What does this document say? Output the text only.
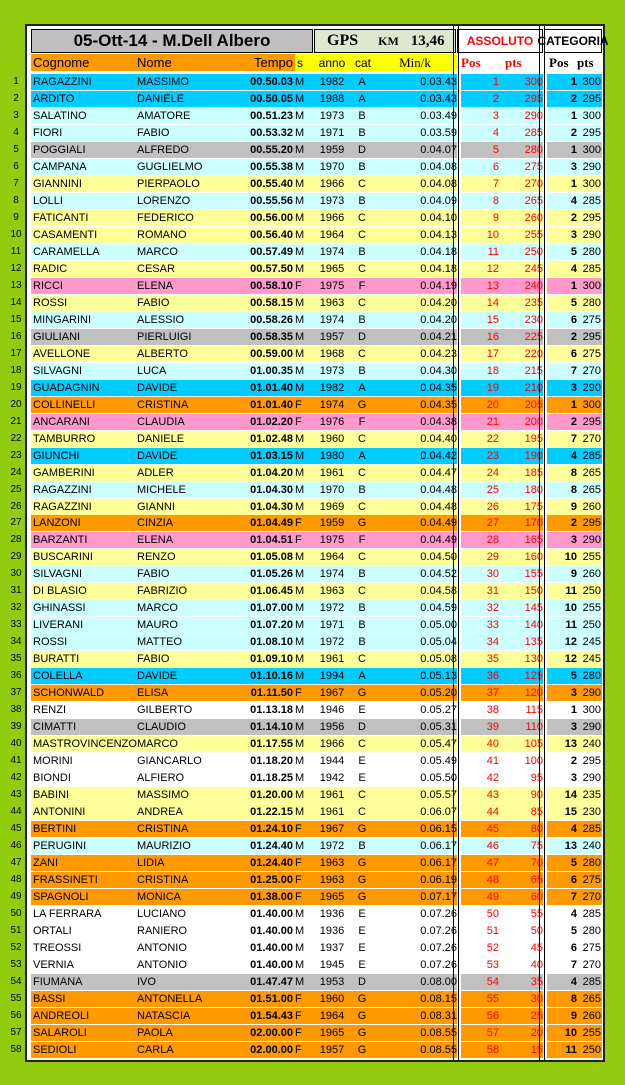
05-Ott-14 - M.Dell Albero	GPS KM 13,46	ASSOLUTO CATEGORIA
Cognome	Nome	Tempo s	anno cat	Min/k	Pos	pts	Pos pts
1	RAGAZZINI	MASSIMO	00.50.03 M	1982	A	0.03.43	1	300	1 300
2	ARDITO	DANIELE	00.50.05 M	1988	A	0.03.43	2	295	2 295
3	SALATINO	AMATORE	00.51.23 M	1973	B	0.03.49	3	290	1 300
4	FIORI	FABIO	00.53.32 M	1971	B	0.03.59	4	285	2 295
5	POGGIALI	ALFREDO	00.55.20 M	1959	D	0.04.07	5	280	1 300
6	CAMPANA	GUGLIELMO	00.55.38 M	1970	B	0.04.08	6	275	3 290
7	GIANNINI	PIERPAOLO	00.55.40 M	1966	C	0.04.08	7	270	1 300
8	LOLLI	LORENZO	00.55.56 M	1973	B	0.04.09	8	265	4 285
9	FATICANTI	FEDERICO	00.56.00 M	1966	C	0.04.10	9	260	2 295
10	CASAMENTI	ROMANO	00.56.40 M	1964	C	0.04.13	10	255	3 290
11	CARAMELLA	MARCO	00.57.49 M	1974	B	0.04.18	11	250	5 280
12	RADIC	CESAR	00.57.50 M	1965	C	0.04.18	12	245	4 285
13	RICCI	ELENA	00.58.10 F	1975	F	0.04.19	13	240	1 300
14	ROSSI	FABIO	00.58.15 M	1963	C	0.04.20	14	235	5 280
15	MINGARINI	ALESSIO	00.58.26 M	1974	B	0.04.20	15	230	6 275
16	GIULIANI	PIERLUIGI	00.58.35 M	1957	D	0.04.21	16	225	2 295
17	AVELLONE	ALBERTO	00.59.00 M	1968	C	0.04.23	17	220	6 275
18	SILVAGNI	LUCA	01.00.35 M	1973	B	0.04.30	18	215	7 270
19	GUADAGNIN	DAVIDE	01.01.40 M	1982	A	0.04.35	19	210	3 290
20	COLLINELLI	CRISTINA	01.01.40 F	1974	G	0.04.35	20	205	1 300
21	ANCARANI	CLAUDIA	01.02.20 F	1976	F	0.04.38	21	200	2 295
22	TAMBURRO	DANIELE	01.02.48 M	1960	C	0.04.40	22	195	7 270
23	GIUNCHI	DAVIDE	01.03.15 M	1980	A	0.04.42	23	190	4 285
24	GAMBERINI	ADLER	01.04.20 M	1961	C	0.04.47	24	185	8 265
25	RAGAZZINI	MICHELE	01.04.30 M	1970	B	0.04.48	25	180	8 265
26	RAGAZZINI	GIANNI	01.04.30 M	1969	C	0.04.48	26	175	9 260
27	LANZONI	CINZIA	01.04.49 F	1959	G	0.04.49	27	170	2 295
28	BARZANTI	ELENA	01.04.51 F	1975	F	0.04.49	28	165	3 290
29	BUSCARINI	RENZO	01.05.08 M	1964	C	0.04.50	29	160	10 255
30	SILVAGNI	FABIO	01.05.26 M	1974	B	0.04.52	30	155	9 260
31	DI BLASIO	FABRIZIO	01.06.45 M	1963	C	0.04.58	31	150	11 250
32	GHINASSI	MARCO	01.07.00 M	1972	B	0.04.59	32	145	10 255
33	LIVERANI	MAURO	01.07.20 M	1971	B	0.05.00	33	140	11 250
34	ROSSI	MATTEO	01.08.10 M	1972	B	0.05.04	34	135	12 245
35	BURATTI	FABIO	01.09.10 M	1961	C	0.05.08	35	130	12 245
36	COLELLA	DAVIDE	01.10.16 M	1994	A	0.05.13	36	125	5 280
37	SCHONWALD	ELISA	01.11.50 F	1967	G	0.05.20	37	120	3 290
38	RENZI	GILBERTO	01.13.18 M	1946	E	0.05.27	38	115	1 300
39	CIMATTI	CLAUDIO	01.14.10 M	1956	D	0.05.31	39	110	3 290
40	MASTROVINCENZO MARCO	01.17.55 M	1966	C	0.05.47	40	105	13 240
41	MORINI	GIANCARLO	01.18.20 M	1944	E	0.05.49	41	100	2 295
42	BIONDI	ALFIERO	01.18.25 M	1942	E	0.05.50	42	95	3 290
43	BABINI	MASSIMO	01.20.00 M	1961	C	0.05.57	43	90	14 235
44	ANTONINI	ANDREA	01.22.15 M	1961	C	0.06.07	44	85	15 230
45	BERTINI	CRISTINA	01.24.10 F	1967	G	0.06.15	45	80	4 285
46	PERUGINI	MAURIZIO	01.24.40 M	1972	B	0.06.17	46	75	13 240
47	ZANI	LIDIA	01.24.40 F	1963	G	0.06.17	47	70	5 280
48	FRASSINETI	CRISTINA	01.25.00 F	1963	G	0.06.19	48	65	6 275
49	SPAGNOLI	MONICA	01.38.00 F	1965	G	0.07.17	49	60	7 270
50	LA FERRARA	LUCIANO	01.40.00 M	1936	E	0.07.26	50	55	4 285
51	ORTALI	RANIERO	01.40.00 M	1936	E	0.07.26	51	50	5 280
52	TREOSSI	ANTONIO	01.40.00 M	1937	E	0.07.26	52	45	6 275
53	VERNIA	ANTONIO	01.40.00 M	1945	E	0.07.26	53	40	7 270
54	FIUMANA	IVO	01.47.47 M	1953	D	0.08.00	54	35	4 285
55	BASSI	ANTONELLA	01.51.00 F	1960	G	0.08.15	55	30	8 265
56	ANDREOLI	NATASCIA	01.54.43 F	1964	G	0.08.31	56	25	9 260
57	SALAROLI	PAOLA	02.00.00 F	1965	G	0.08.55	57	20	10 255
58	SEDIOLI	CARLA	02.00.00 F	1957	G	0.08.55	58	15	11 250
